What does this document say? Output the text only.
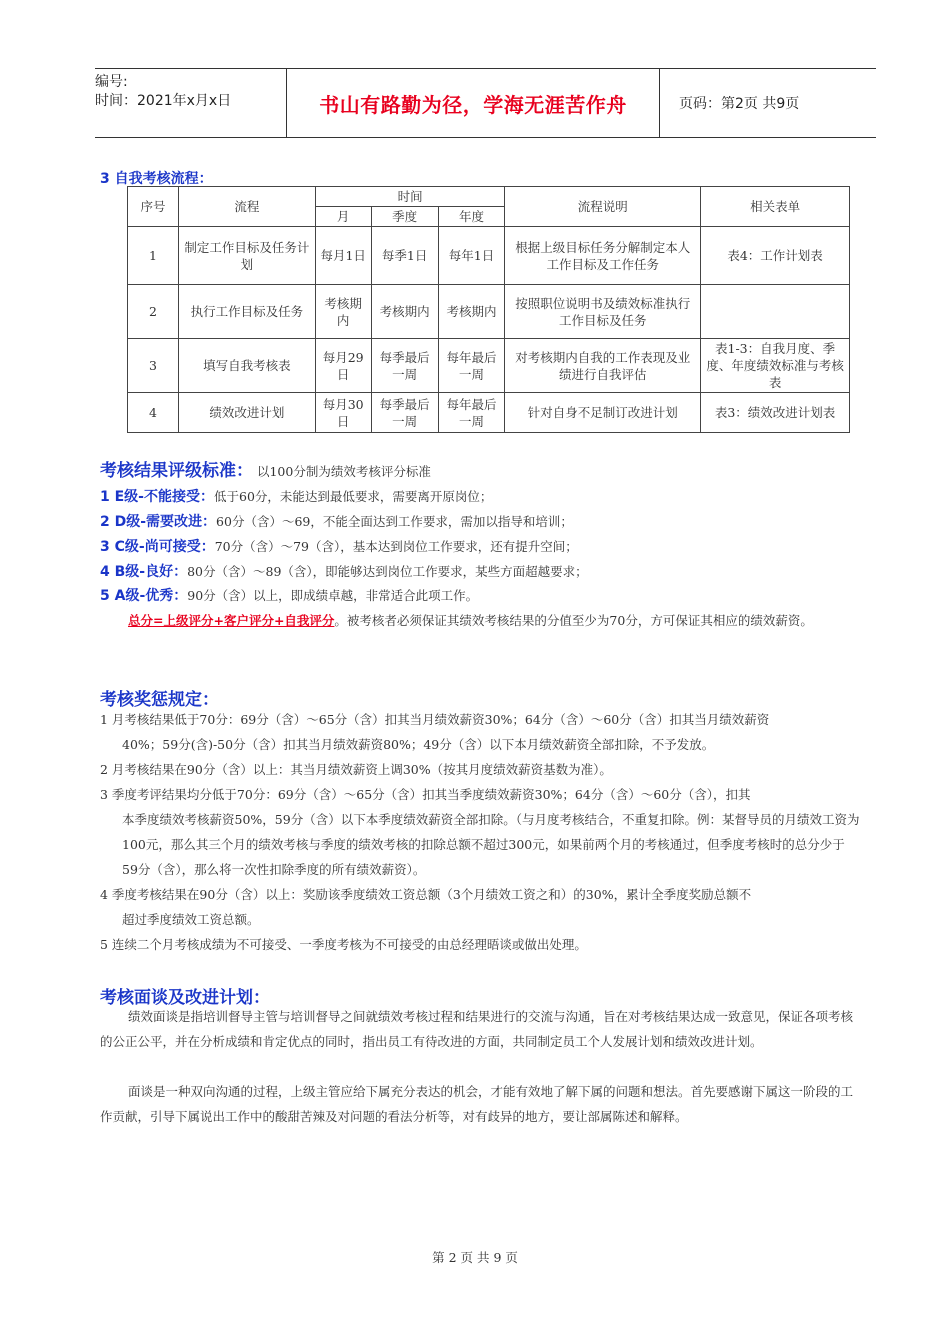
编号:
时间：2021年x月x日	书山有路勤为径，学海无涯苦作舟	页码：第2页 共9页
3 自我考核流程：
序号	流程	时间			流程说明	相关表单
		月	季度	年度		
1	制定工作目标及任务计划	每月1日	每季1日	每年1日	根据上级目标任务分解制定本人工作目标及工作任务	表4：工作计划表
2	执行工作目标及任务	考核期内	考核期内	考核期内	按照职位说明书及绩效标准执行工作目标及任务	
3	填写自我考核表	每月29日	每季最后一周	每年最后一周	对考核期内自我的工作表现及业绩进行自我评估	表1-3：自我月度、季度、年度绩效标准与考核表
4	绩效改进计划	每月30日	每季最后一周	每年最后一周	针对自身不足制订改进计划	表3：绩效改进计划表
考核结果评级标准： 以100分制为绩效考核评分标准
1 E级-不能接受：低于60分，未能达到最低要求，需要离开原岗位；
2 D级-需要改进：60分（含）～69，不能全面达到工作要求，需加以指导和培训；
3 C级-尚可接受：70分（含）～79（含），基本达到岗位工作要求，还有提升空间；
4 B级-良好：80分（含）～89（含），即能够达到岗位工作要求，某些方面超越要求；
5 A级-优秀：90分（含）以上，即成绩卓越，非常适合此项工作。
总分=上级评分+客户评分+自我评分。被考核者必须保证其绩效考核结果的分值至少为70分，方可保证其相应的绩效薪资。
考核奖惩规定：
1 月考核结果低于70分：69分（含）～65分（含）扣其当月绩效薪资30%；64分（含）～60分（含）扣其当月绩效薪资
40%；59分(含)-50分（含）扣其当月绩效薪资80%；49分（含）以下本月绩效薪资全部扣除，不予发放。
2 月考核结果在90分（含）以上：其当月绩效薪资上调30%（按其月度绩效薪资基数为准）。
3 季度考评结果均分低于70分：69分（含）～65分（含）扣其当季度绩效薪资30%；64分（含）～60分（含），扣其
本季度绩效考核薪资50%，59分（含）以下本季度绩效薪资全部扣除。（与月度考核结合，不重复扣除。例：某督导员的月绩效工资为100元，那么其三个月的绩效考核与季度的绩效考核的扣除总额不超过300元，如果前两个月的考核通过，但季度考核时的总分少于59分（含），那么将一次性扣除季度的所有绩效薪资）。
4 季度考核结果在90分（含）以上：奖励该季度绩效工资总额（3个月绩效工资之和）的30%，累计全季度奖励总额不
超过季度绩效工资总额。
5 连续二个月考核成绩为不可接受、一季度考核为不可接受的由总经理晤谈或做出处理。
考核面谈及改进计划：
绩效面谈是指培训督导主管与培训督导之间就绩效考核过程和结果进行的交流与沟通，旨在对考核结果达成一致意见，保证各项考核的公正公平，并在分析成绩和肯定优点的同时，指出员工有待改进的方面，共同制定员工个人发展计划和绩效改进计划。
面谈是一种双向沟通的过程，上级主管应给下属充分表达的机会，才能有效地了解下属的问题和想法。首先要感谢下属这一阶段的工作贡献，引导下属说出工作中的酸甜苦辣及对问题的看法分析等，对有歧异的地方，要让部属陈述和解释。
第 2 页 共 9 页
